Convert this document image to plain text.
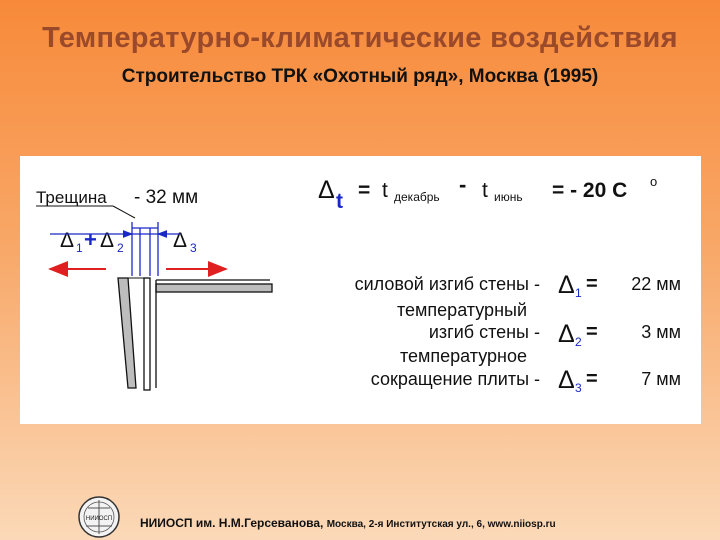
Температурно-климатические воздействия
Строительство ТРК «Охотный ряд», Москва (1995)
Трещина - 32 мм
Δ 1 + Δ 2 Δ 3
Δ t = t декабрь - t июнь = - 20 C o
силовой изгиб стены - Δ 1 = 22 мм
температурный
изгиб стены - Δ 2 = 3 мм
температурное
сокращение плиты - Δ 3 = 7 мм
НИИОСП НИИОСП им. Н.М.Герсеванова, Москва, 2-я Институтская ул., 6, www.niiosp.ru
